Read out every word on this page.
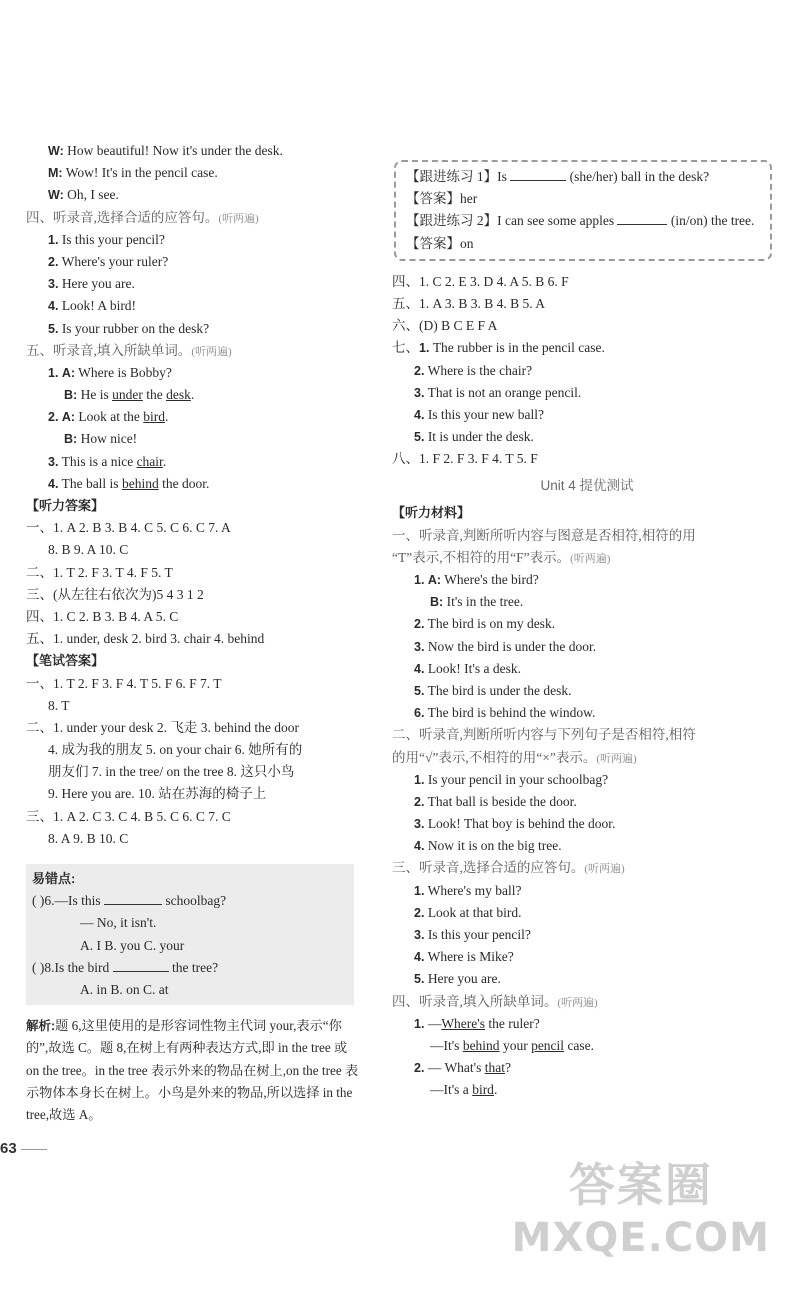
W: How beautiful! Now it's under the desk.
M: Wow! It's in the pencil case.
W: Oh, I see.
四、听录音,选择合适的应答句。(听两遍)
1. Is this your pencil?
2. Where's your ruler?
3. Here you are.
4. Look! A bird!
5. Is your rubber on the desk?
五、听录音,填入所缺单词。(听两遍)
1. A: Where is Bobby?
B: He is under the desk.
2. A: Look at the bird.
B: How nice!
3. This is a nice chair.
4. The ball is behind the door.
【听力答案】
一、1. A 2. B 3. B 4. C 5. C 6. C 7. A
8. B 9. A 10. C
二、1. T 2. F 3. T 4. F 5. T
三、(从左往右依次为)5 4 3 1 2
四、1. C 2. B 3. B 4. A 5. C
五、1. under, desk 2. bird 3. chair 4. behind
【笔试答案】
一、1. T 2. F 3. F 4. T 5. F 6. F 7. T
8. T
二、1. under your desk 2. 飞走 3. behind the door
4. 成为我的朋友 5. on your chair 6. 她所有的
朋友们 7. in the tree/ on the tree 8. 这只小鸟
9. Here you are. 10. 站在苏海的椅子上
三、1. A 2. C 3. C 4. B 5. C 6. C 7. C
8. A 9. B 10. C
易错点:
( )6.—Is this	schoolbag?
— No, it isn't.
A. I B. you C. your
( )8.Is the bird	the tree?
A. in B. on C. at
解析:题 6,这里使用的是形容词性物主代词 your,表示“你的”,故选 C。题 8,在树上有两种表达方式,即 in the tree 或 on the tree。in the tree 表示外来的物品在树上,on the tree 表示物体本身长在树上。小鸟是外来的物品,所以选择 in the tree,故选 A。
63
【跟进练习 1】Is	(she/her) ball in the desk?
【答案】her
【跟进练习 2】I can see some apples	(in/on) the tree.
【答案】on
四、1. C 2. E 3. D 4. A 5. B 6. F
五、1. A 3. B 3. B 4. B 5. A
六、(D) B C E F A
七、1. The rubber is in the pencil case.
2. Where is the chair?
3. That is not an orange pencil.
4. Is this your new ball?
5. It is under the desk.
八、1. F 2. F 3. F 4. T 5. F
Unit 4 提优测试
【听力材料】
一、听录音,判断所听内容与图意是否相符,相符的用
“T”表示,不相符的用“F”表示。(听两遍)
1. A: Where's the bird?
B: It's in the tree.
2. The bird is on my desk.
3. Now the bird is under the door.
4. Look! It's a desk.
5. The bird is under the desk.
6. The bird is behind the window.
二、听录音,判断所听内容与下列句子是否相符,相符
的用“√”表示,不相符的用“×”表示。(听两遍)
1. Is your pencil in your schoolbag?
2. That ball is beside the door.
3. Look! That boy is behind the door.
4. Now it is on the big tree.
三、听录音,选择合适的应答句。(听两遍)
1. Where's my ball?
2. Look at that bird.
3. Is this your pencil?
4. Where is Mike?
5. Here you are.
四、听录音,填入所缺单词。(听两遍)
1. —Where's the ruler?
—It's behind your pencil case.
2. — What's that?
—It's a bird.
答案圈
MXQE.COM
